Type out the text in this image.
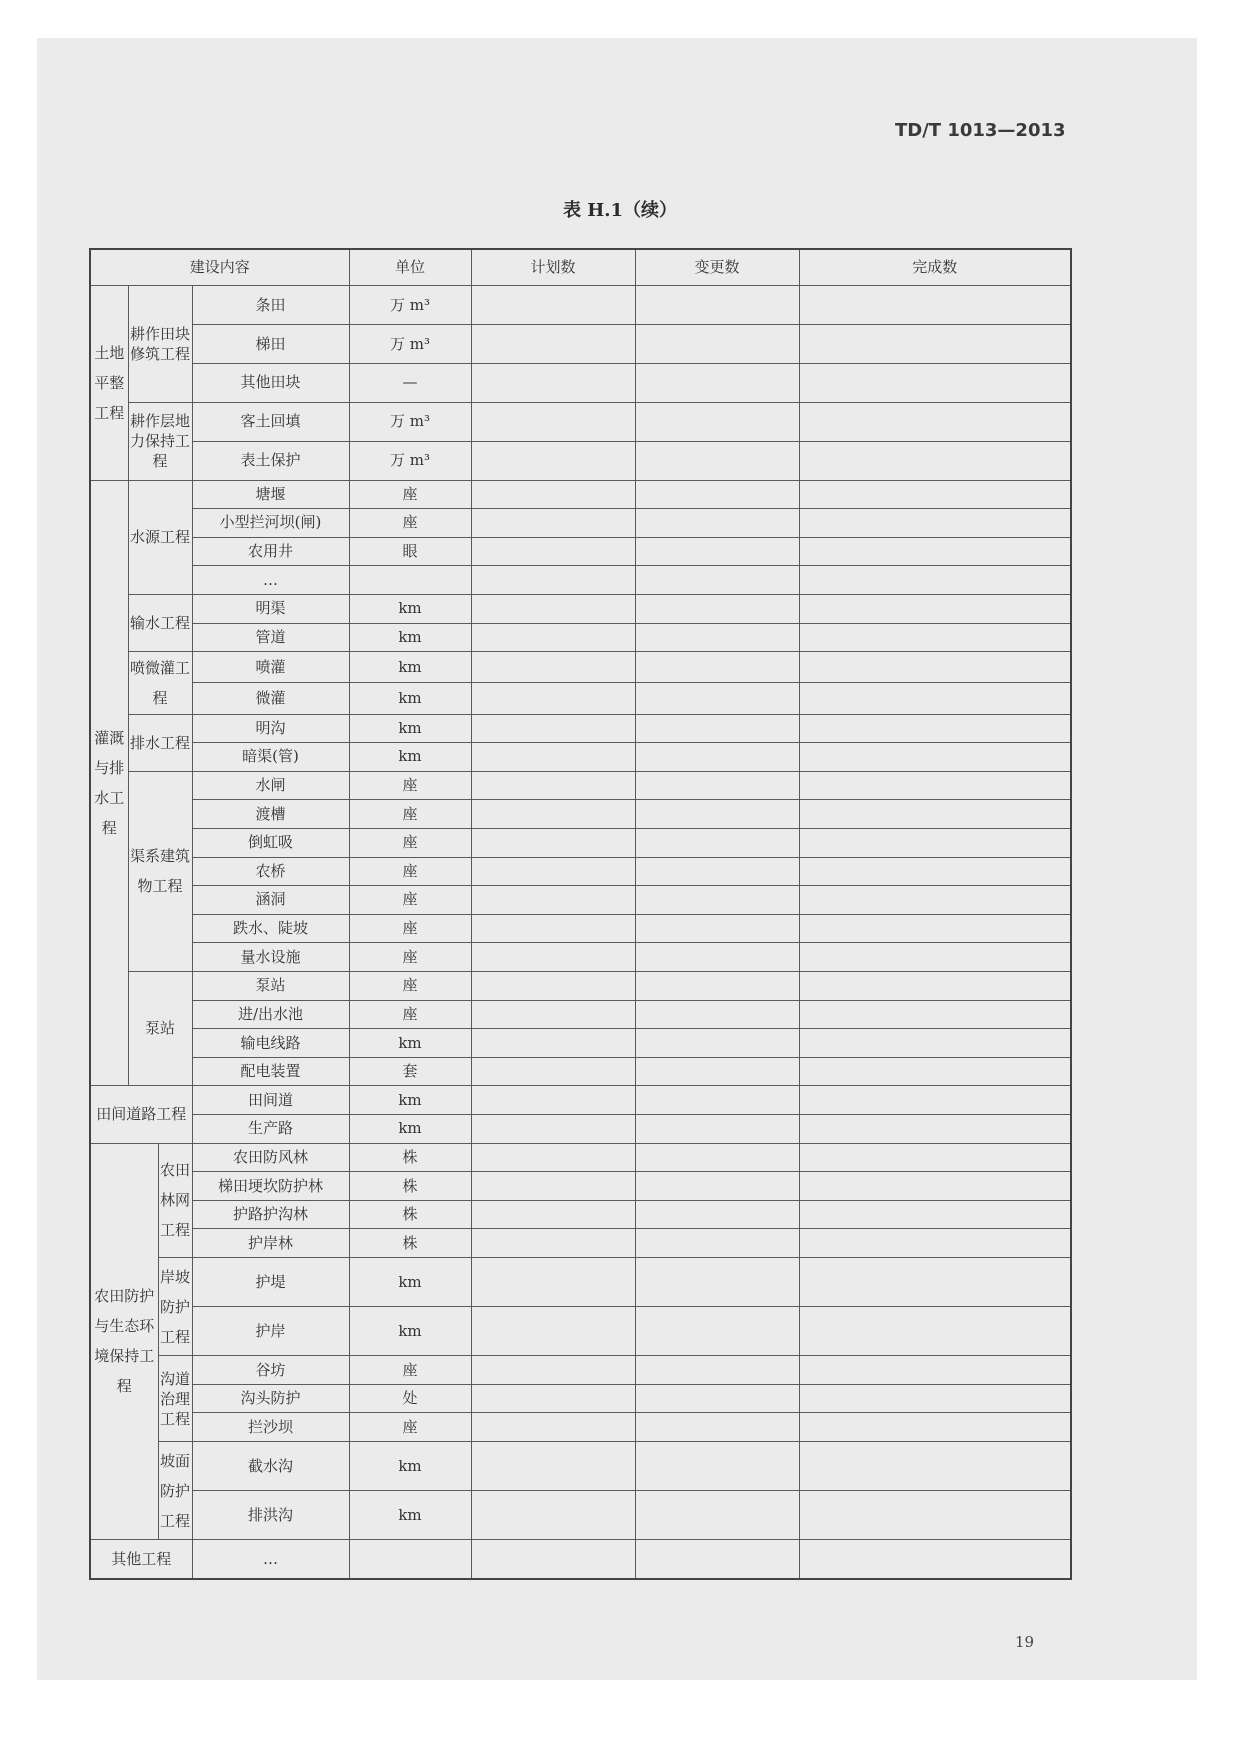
TD/T 1013—2013
表 H.1（续）
建设内容				单位	计划数	变更数	完成数
土地平整工程	耕作田块修筑工程		条田	万 m³			
			梯田	万 m³			
			其他田块	—			
	耕作层地力保持工程		客土回填	万 m³			
			表土保护	万 m³			
灌溉与排水工程	水源工程		塘堰	座			
			小型拦河坝(闸)	座			
			农用井	眼			
			…				
	输水工程		明渠	km			
			管道	km			
	喷微灌工程		喷灌	km			
			微灌	km			
	排水工程		明沟	km			
			暗渠(管)	km			
	渠系建筑物工程		水闸	座			
			渡槽	座			
			倒虹吸	座			
			农桥	座			
			涵洞	座			
			跌水、陡坡	座			
			量水设施	座			
	泵站		泵站	座			
			进/出水池	座			
			输电线路	km			
			配电装置	套			
田间道路工程			田间道	km			
			生产路	km			
农田防护与生态环境保持工程		农田林网工程	农田防风林	株			
			梯田埂坎防护林	株			
			护路护沟林	株			
			护岸林	株			
		岸坡防护工程	护堤	km			
			护岸	km			
		沟道治理工程	谷坊	座			
			沟头防护	处			
			拦沙坝	座			
		坡面防护工程	截水沟	km			
			排洪沟	km			
其他工程			…				
19
